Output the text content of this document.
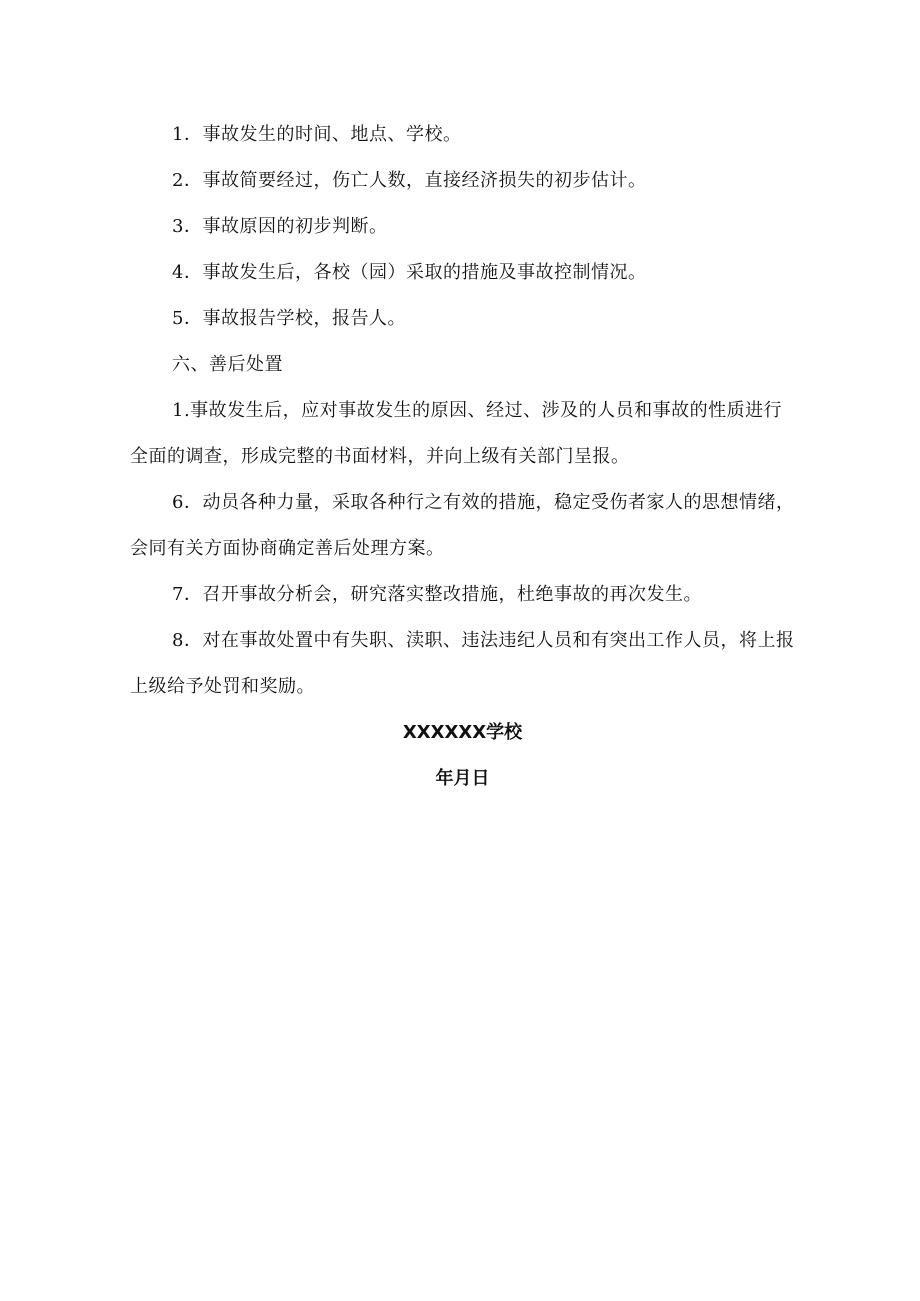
1．事故发生的时间、地点、学校。

2．事故简要经过，伤亡人数，直接经济损失的初步估计。

3．事故原因的初步判断。

4．事故发生后，各校（园）采取的措施及事故控制情况。

5．事故报告学校，报告人。

六、善后处置

1.事故发生后，应对事故发生的原因、经过、涉及的人员和事故的性质进行全面的调查，形成完整的书面材料，并向上级有关部门呈报。

6．动员各种力量，采取各种行之有效的措施，稳定受伤者家人的思想情绪，会同有关方面协商确定善后处理方案。

7．召开事故分析会，研究落实整改措施，杜绝事故的再次发生。

8．对在事故处置中有失职、渎职、违法违纪人员和有突出工作人员，将上报上级给予处罚和奖励。

XXXXXX学校

年月日
